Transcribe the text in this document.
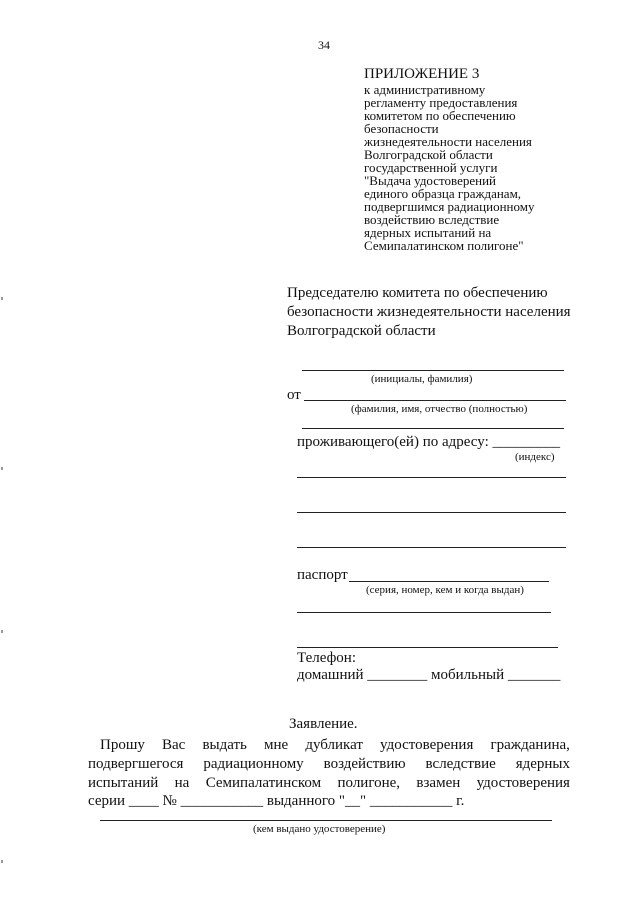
34
ПРИЛОЖЕНИЕ 3
к административному
регламенту предоставления
комитетом по обеспечению
безопасности
жизнедеятельности населения
Волгоградской области
государственной услуги
"Выдача удостоверений
единого образца гражданам,
подвергшимся радиационному
воздействию вследствие
ядерных испытаний на
Семипалатинском полигоне"
Председателю комитета по обеспечению
безопасности жизнедеятельности населения
Волгоградской области
(инициалы, фамилия)
от
(фамилия, имя, отчество (полностью)
проживающего(ей) по адресу: _________
(индекс)
паспорт
(серия, номер, кем и когда выдан)
Телефон:
домашний ________ мобильный _______
Заявление.
Прошу Вас выдать мне дубликат удостоверения гражданина,
подвергшегося радиационному воздействию вследствие ядерных
испытаний на Семипалатинском полигоне, взамен удостоверения
серии ____ № ___________ выданного "__" ___________ г.
(кем выдано удостоверение)
